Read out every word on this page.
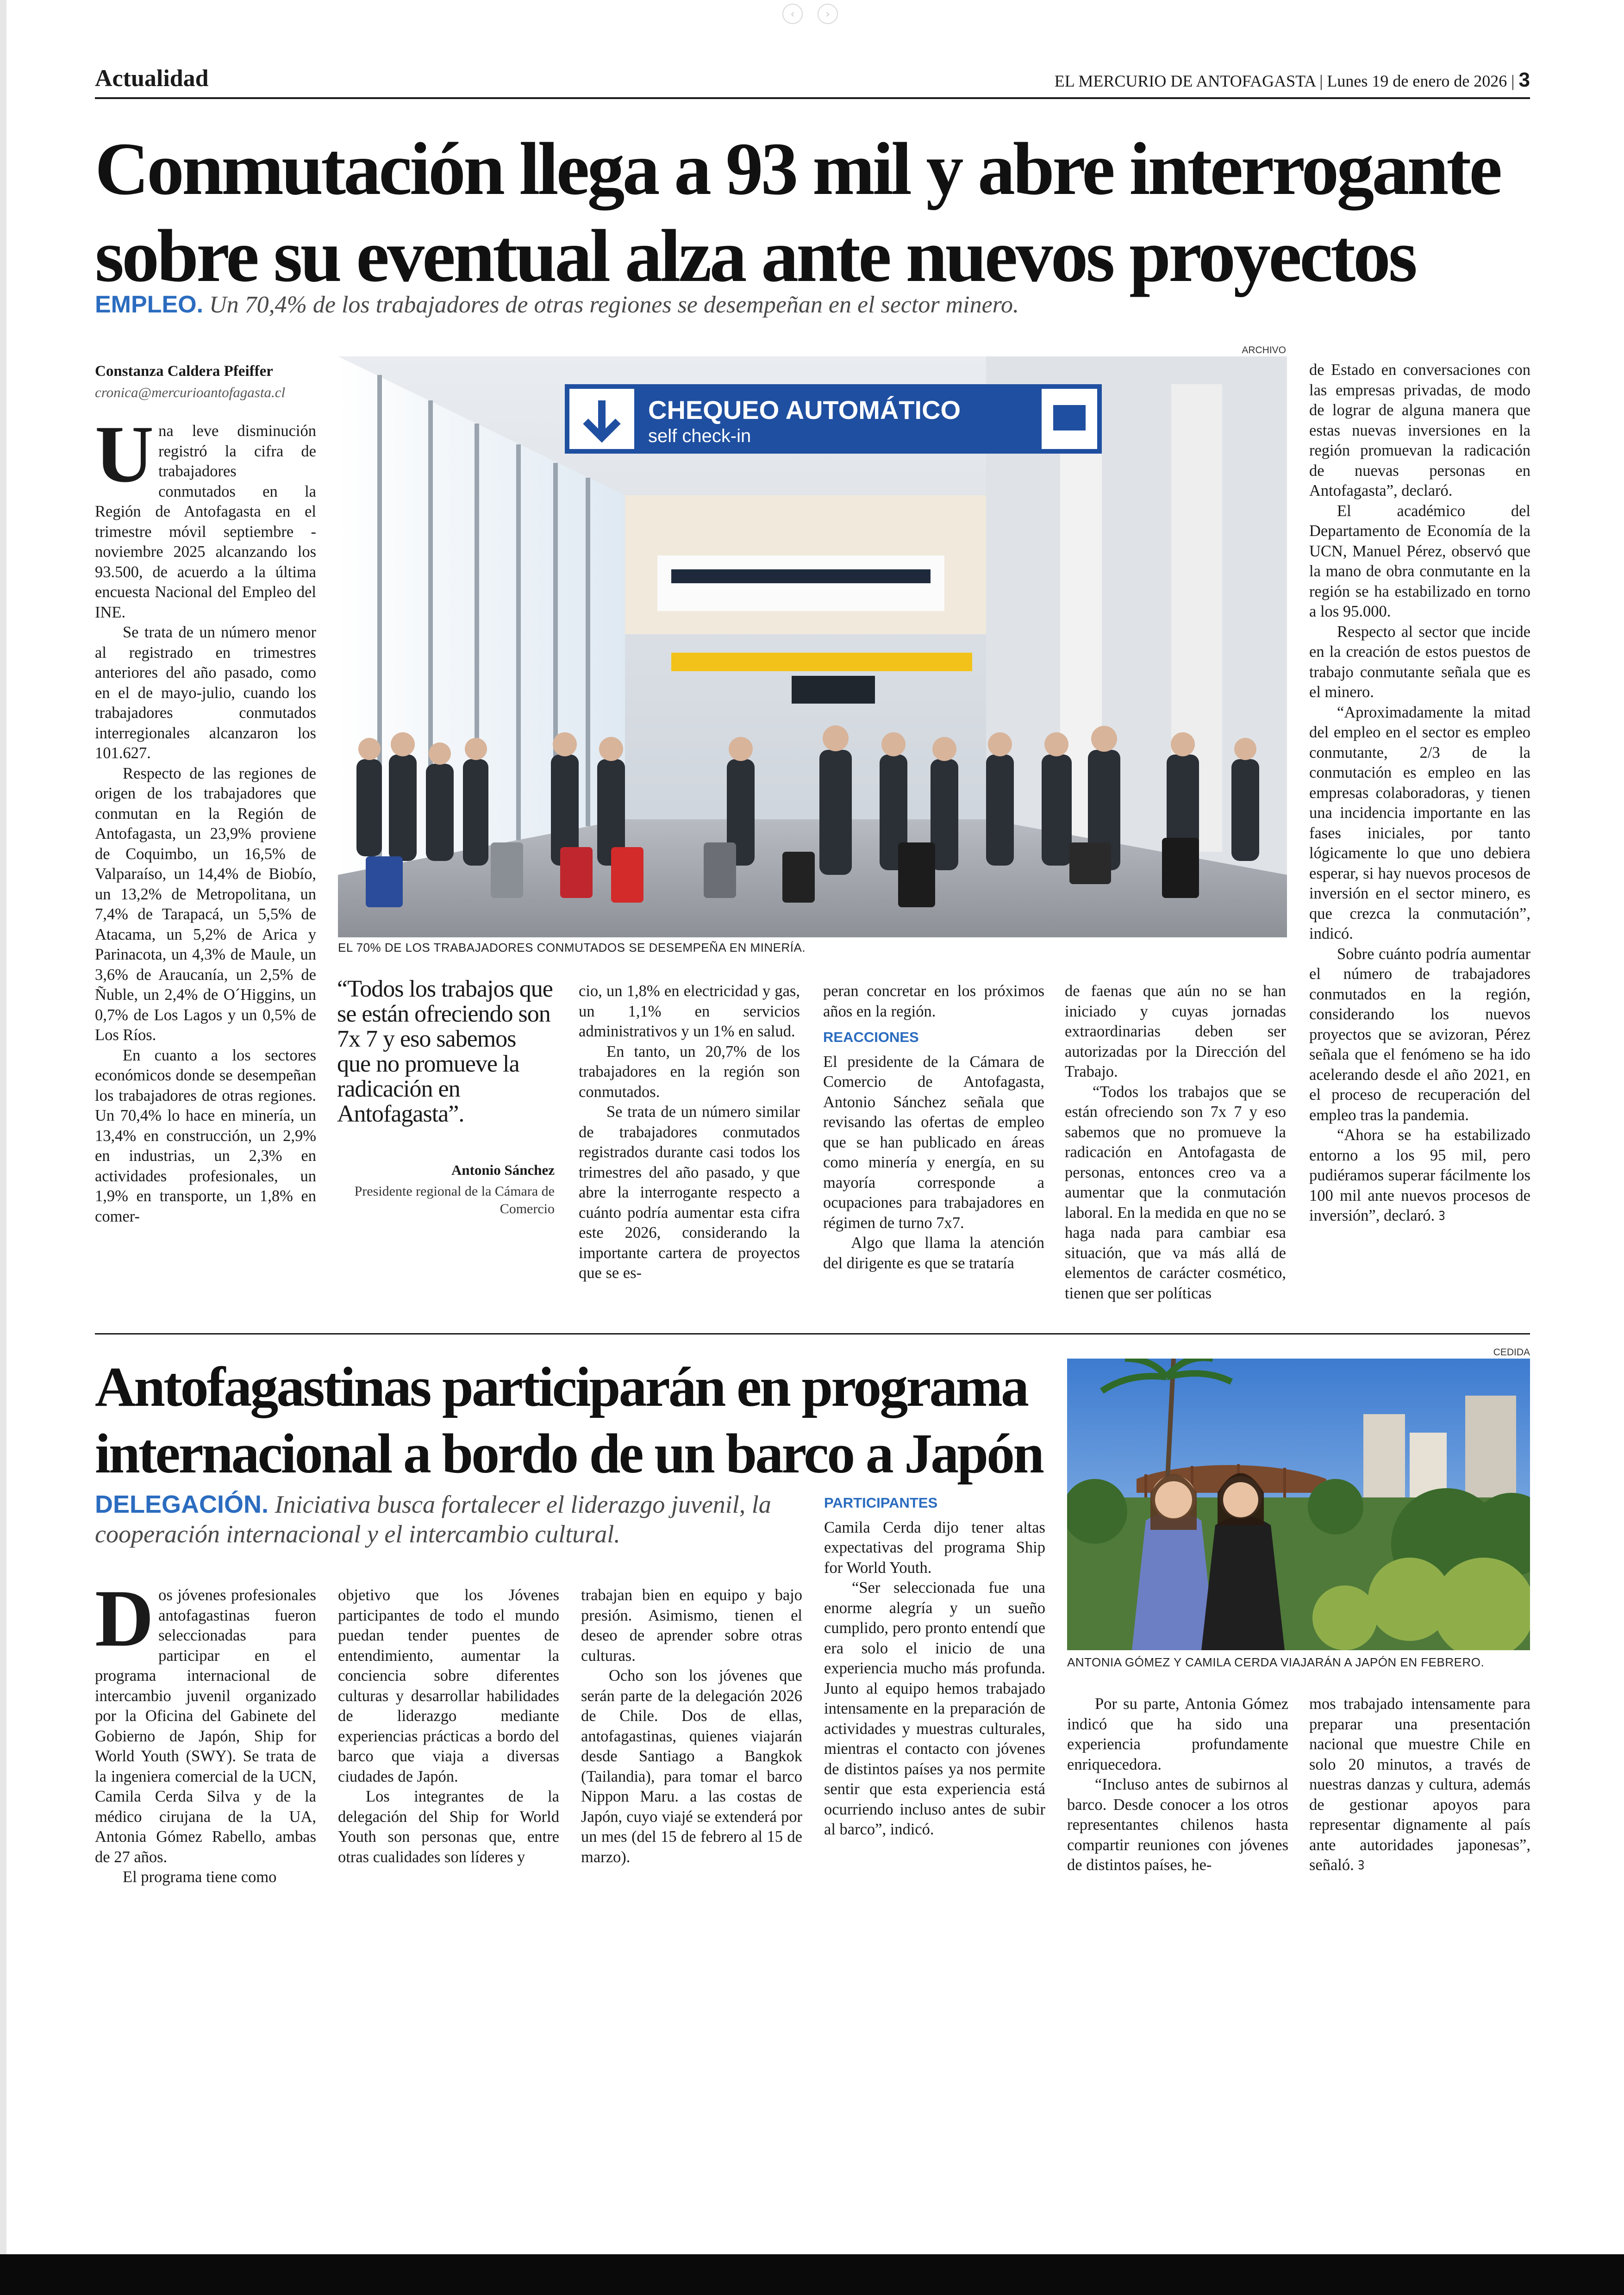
‹	›
Actualidad	EL MERCURIO DE ANTOFAGASTA | Lunes 19 de enero de 2026 | 3
Conmutación llega a 93 mil y abre interrogante
sobre su eventual alza ante nuevos proyectos
EMPLEO. Un 70,4% de los trabajadores de otras regiones se desempeñan en el sector minero.
Constanza Caldera Pfeiffer
cronica@mercurioantofagasta.cl

Una leve disminución registró la cifra de trabajadores conmutados en la Región de Antofagasta en el trimestre móvil septiembre - noviembre 2025 alcanzando los 93.500, de acuerdo a la última encuesta Nacional del Empleo del INE.

Se trata de un número menor al registrado en trimestres anteriores del año pasado, como en el de mayo-julio, cuando los trabajadores conmutados interregionales alcanzaron los 101.627.

Respecto de las regiones de origen de los trabajadores que conmutan en la Región de Antofagasta, un 23,9% proviene de Coquimbo, un 16,5% de Valparaíso, un 14,4% de Biobío, un 13,2% de Metropolitana, un 7,4% de Tarapacá, un 5,5% de Atacama, un 5,2% de Arica y Parinacota, un 4,3% de Maule, un 3,6% de Araucanía, un 2,5% de Ñuble, un 2,4% de O´Higgins, un 0,7% de Los Lagos y un 0,5% de Los Ríos.

En cuanto a los sectores económicos donde se desempeñan los trabajadores de otras regiones. Un 70,4% lo hace en minería, un 13,4% en construcción, un 2,9% en industrias, un 2,3% en actividades profesionales, un 1,9% en transporte, un 1,8% en comer-

ARCHIVO
CHEQUEO AUTOMÁTICO
self check-in
EL 70% DE LOS TRABAJADORES CONMUTADOS SE DESEMPEÑA EN MINERÍA.
“Todos los trabajos que se están ofreciendo son 7x 7 y eso sabemos que no promueve la radicación en Antofagasta”.
Antonio Sánchez
Presidente regional de la Cámara de Comercio

cio, un 1,8% en electricidad y gas, un 1,1% en servicios administrativos y un 1% en salud.

En tanto, un 20,7% de los trabajadores en la región son conmutados.

Se trata de un número similar de trabajadores conmutados registrados durante casi todos los trimestres del año pasado, y que abre la interrogante respecto a cuánto podría aumentar esta cifra este 2026, considerando la importante cartera de proyectos que se es-

peran concretar en los próximos años en la región.

REACCIONES

El presidente de la Cámara de Comercio de Antofagasta, Antonio Sánchez señala que revisando las ofertas de empleo que se han publicado en áreas como minería y energía, en su mayoría corresponde a ocupaciones para trabajadores en régimen de turno 7x7.

Algo que llama la atención del dirigente es que se trataría

de faenas que aún no se han iniciado y cuyas jornadas extraordinarias deben ser autorizadas por la Dirección del Trabajo.

“Todos los trabajos que se están ofreciendo son 7x 7 y eso sabemos que no promueve la radicación en Antofagasta de personas, entonces creo va a aumentar que la conmutación laboral. En la medida en que no se haga nada para cambiar esa situación, que va más allá de elementos de carácter cosmético, tienen que ser políticas

de Estado en conversaciones con las empresas privadas, de modo de lograr de alguna manera que estas nuevas inversiones en la región promuevan la radicación de nuevas personas en Antofagasta”, declaró.

El académico del Departamento de Economía de la UCN, Manuel Pérez, observó que la mano de obra conmutante en la región se ha estabilizado en torno a los 95.000.

Respecto al sector que incide en la creación de estos puestos de trabajo conmutante señala que es el minero.

“Aproximadamente la mitad del empleo en el sector es empleo conmutante, 2/3 de la conmutación es empleo en las empresas colaboradoras, y tienen una incidencia importante en las fases iniciales, por tanto lógicamente lo que uno debiera esperar, si hay nuevos procesos de inversión en el sector minero, es que crezca la conmutación”, indicó.

Sobre cuánto podría aumentar el número de trabajadores conmutados en la región, considerando los nuevos proyectos que se avizoran, Pérez señala que el fenómeno se ha ido acelerando desde el año 2021, en el proceso de recuperación del empleo tras la pandemia.

“Ahora se ha estabilizado entorno a los 95 mil, pero pudiéramos superar fácilmente los 100 mil ante nuevos procesos de inversión”, declaró. ᢃ

Antofagastinas participarán en programa
internacional a bordo de un barco a Japón
DELEGACIÓN. Iniciativa busca fortalecer el liderazgo juvenil, la cooperación internacional y el intercambio cultural.
CEDIDA
ANTONIA GÓMEZ Y CAMILA CERDA VIAJARÁN A JAPÓN EN FEBRERO.

Dos jóvenes profesionales antofagastinas fueron seleccionadas para participar en el programa internacional de intercambio juvenil organizado por la Oficina del Gabinete del Gobierno de Japón, Ship for World Youth (SWY). Se trata de la ingeniera comercial de la UCN, Camila Cerda Silva y de la médico cirujana de la UA, Antonia Gómez Rabello, ambas de 27 años.

El programa tiene como

objetivo que los Jóvenes participantes de todo el mundo puedan tender puentes de entendimiento, aumentar la conciencia sobre diferentes culturas y desarrollar habilidades de liderazgo mediante experiencias prácticas a bordo del barco que viaja a diversas ciudades de Japón.

Los integrantes de la delegación del Ship for World Youth son personas que, entre otras cualidades son líderes y

trabajan bien en equipo y bajo presión. Asimismo, tienen el deseo de aprender sobre otras culturas.

Ocho son los jóvenes que serán parte de la delegación 2026 de Chile. Dos de ellas, antofagastinas, quienes viajarán desde Santiago a Bangkok (Tailandia), para tomar el barco Nippon Maru. a las costas de Japón, cuyo viajé se extenderá por un mes (del 15 de febrero al 15 de marzo).

PARTICIPANTES

Camila Cerda dijo tener altas expectativas del programa Ship for World Youth.

“Ser seleccionada fue una enorme alegría y un sueño cumplido, pero pronto entendí que era solo el inicio de una experiencia mucho más profunda. Junto al equipo hemos trabajado intensamente en la preparación de actividades y muestras culturales, mientras el contacto con jóvenes de distintos países ya nos permite sentir que esta experiencia está ocurriendo incluso antes de subir al barco”, indicó.

Por su parte, Antonia Gómez indicó que ha sido una experiencia profundamente enriquecedora.

“Incluso antes de subirnos al barco. Desde conocer a los otros representantes chilenos hasta compartir reuniones con jóvenes de distintos países, he-

mos trabajado intensamente para preparar una presentación nacional que muestre Chile en solo 20 minutos, a través de nuestras danzas y cultura, además de gestionar apoyos para representar dignamente al país ante autoridades japonesas”, señaló. ᢃ
